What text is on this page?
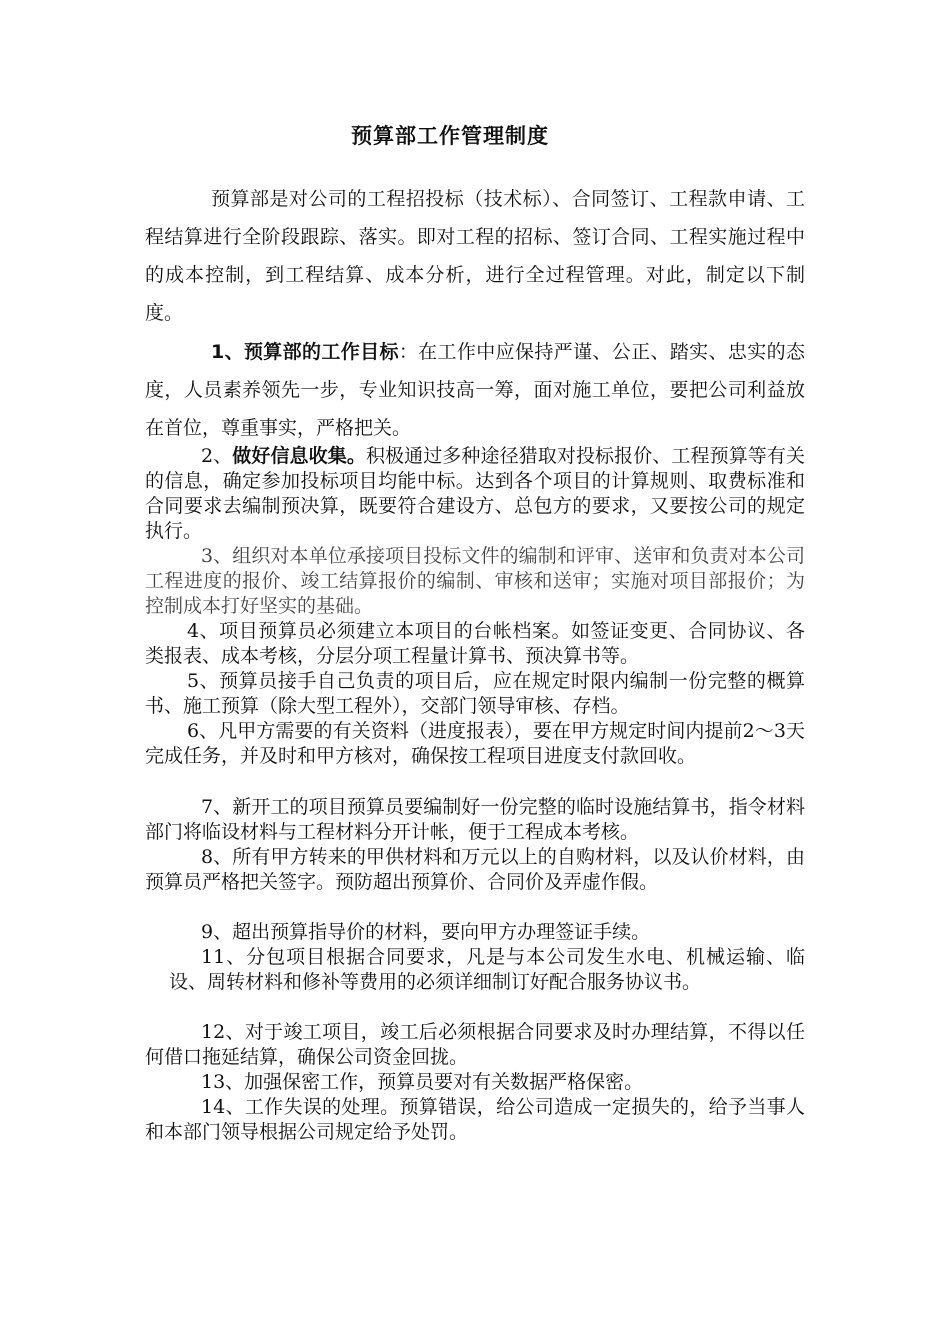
预算部工作管理制度

预算部是对公司的工程招投标（技术标）、合同签订、工程款申请、工程结算进行全阶段跟踪、落实。即对工程的招标、签订合同、工程实施过程中的成本控制，到工程结算、成本分析，进行全过程管理。对此，制定以下制度。

1、预算部的工作目标：在工作中应保持严谨、公正、踏实、忠实的态度，人员素养领先一步，专业知识技高一筹，面对施工单位，要把公司利益放在首位，尊重事实，严格把关。

2、做好信息收集。积极通过多种途径猎取对投标报价、工程预算等有关的信息，确定参加投标项目均能中标。达到各个项目的计算规则、取费标准和合同要求去编制预决算，既要符合建设方、总包方的要求，又要按公司的规定执行。

3、组织对本单位承接项目投标文件的编制和评审、送审和负责对本公司工程进度的报价、竣工结算报价的编制、审核和送审；实施对项目部报价；为控制成本打好坚实的基础。

4、项目预算员必须建立本项目的台帐档案。如签证变更、合同协议、各类报表、成本考核，分层分项工程量计算书、预决算书等。

5、预算员接手自己负责的项目后，应在规定时限内编制一份完整的概算书、施工预算（除大型工程外），交部门领导审核、存档。

6、凡甲方需要的有关资料（进度报表），要在甲方规定时间内提前2～3天完成任务，并及时和甲方核对，确保按工程项目进度支付款回收。

7、新开工的项目预算员要编制好一份完整的临时设施结算书，指令材料部门将临设材料与工程材料分开计帐，便于工程成本考核。

8、所有甲方转来的甲供材料和万元以上的自购材料，以及认价材料，由预算员严格把关签字。预防超出预算价、合同价及弄虚作假。

9、超出预算指导价的材料，要向甲方办理签证手续。

11、分包项目根据合同要求，凡是与本公司发生水电、机械运输、临设、周转材料和修补等费用的必须详细制订好配合服务协议书。

12、对于竣工项目，竣工后必须根据合同要求及时办理结算，不得以任何借口拖延结算，确保公司资金回拢。

13、加强保密工作，预算员要对有关数据严格保密。

14、工作失误的处理。预算错误，给公司造成一定损失的，给予当事人和本部门领导根据公司规定给予处罚。
